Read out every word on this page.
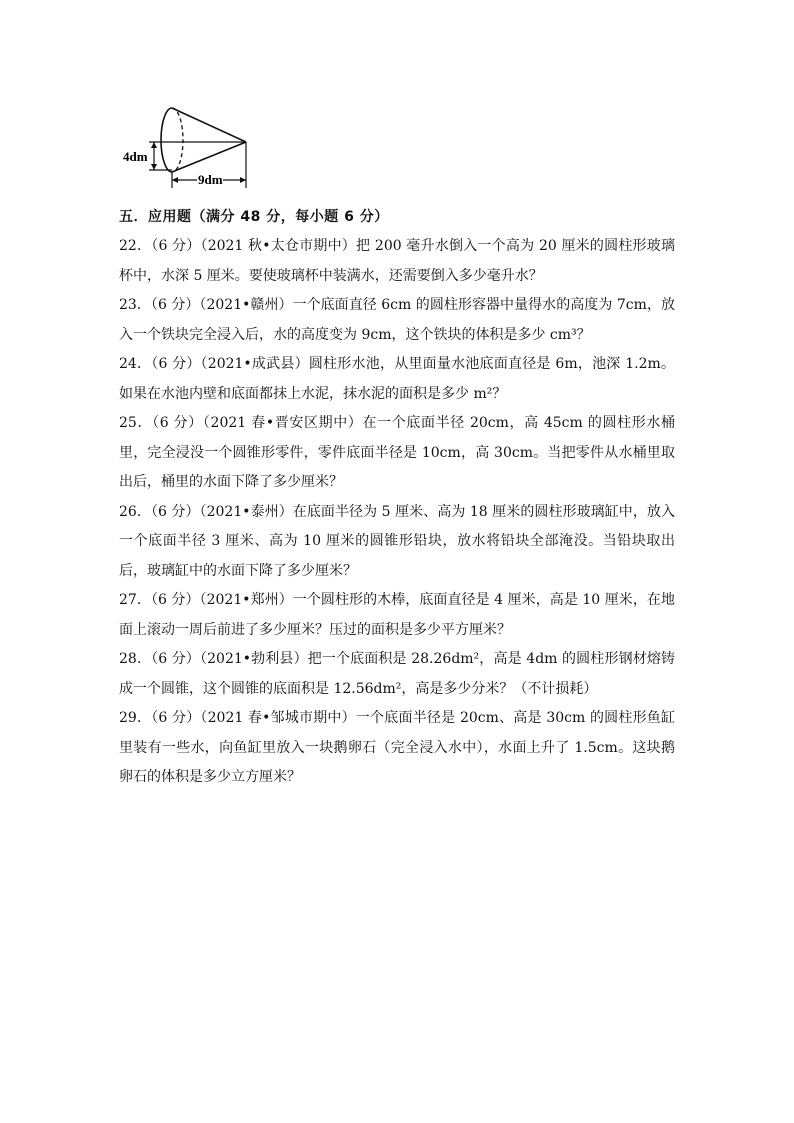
4dm
9dm
五．应用题（满分 48 分，每小题 6 分）

22．（6 分）（2021 秋•太仓市期中）把 200 毫升水倒入一个高为 20 厘米的圆柱形玻璃杯中，水深 5 厘米。要使玻璃杯中装满水，还需要倒入多少毫升水？

23．（6 分）（2021•赣州）一个底面直径 6cm 的圆柱形容器中量得水的高度为 7cm，放入一个铁块完全浸入后，水的高度变为 9cm，这个铁块的体积是多少 cm³？

24．（6 分）（2021•成武县）圆柱形水池，从里面量水池底面直径是 6m，池深 1.2m。如果在水池内壁和底面都抹上水泥，抹水泥的面积是多少 m²？

25．（6 分）（2021 春•晋安区期中）在一个底面半径 20cm，高 45cm 的圆柱形水桶里，完全浸没一个圆锥形零件，零件底面半径是 10cm，高 30cm。当把零件从水桶里取出后，桶里的水面下降了多少厘米？

26．（6 分）（2021•泰州）在底面半径为 5 厘米、高为 18 厘米的圆柱形玻璃缸中，放入一个底面半径 3 厘米、高为 10 厘米的圆锥形铅块，放水将铅块全部淹没。当铅块取出后，玻璃缸中的水面下降了多少厘米？

27．（6 分）（2021•郑州）一个圆柱形的木棒，底面直径是 4 厘米，高是 10 厘米，在地面上滚动一周后前进了多少厘米？压过的面积是多少平方厘米？

28．（6 分）（2021•勃利县）把一个底面积是 28.26dm²，高是 4dm 的圆柱形钢材熔铸成一个圆锥，这个圆锥的底面积是 12.56dm²，高是多少分米？（不计损耗）

29．（6 分）（2021 春•邹城市期中）一个底面半径是 20cm、高是 30cm 的圆柱形鱼缸里装有一些水，向鱼缸里放入一块鹅卵石（完全浸入水中），水面上升了 1.5cm。这块鹅卵石的体积是多少立方厘米？
